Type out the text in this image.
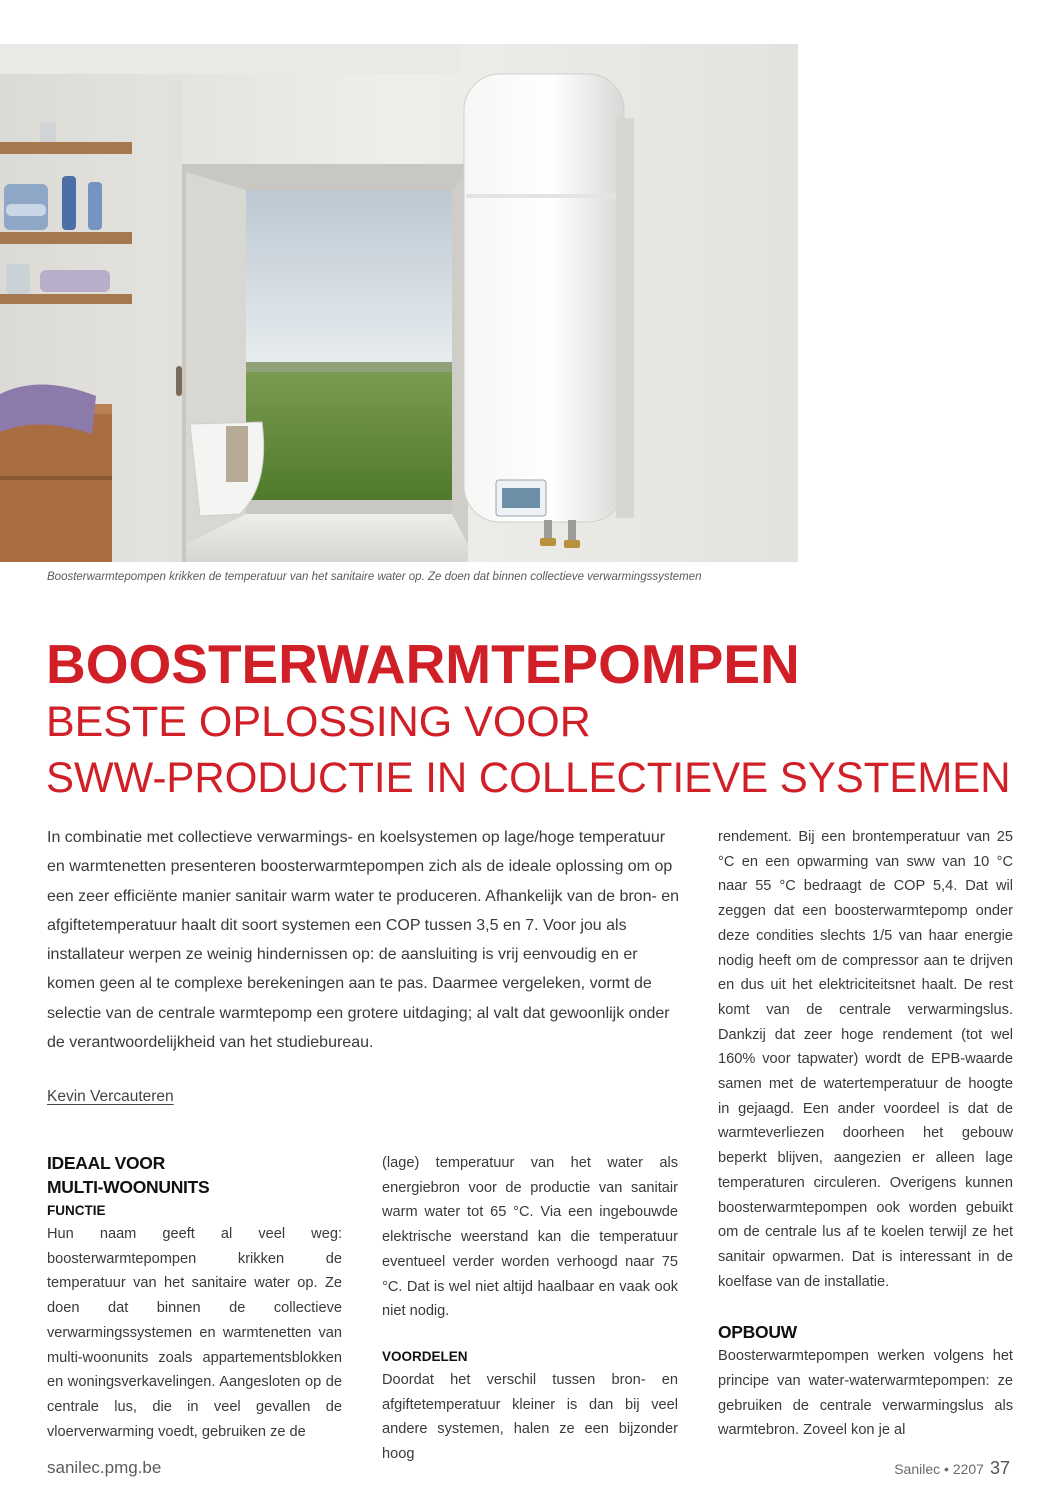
Boosterwarmtepompen krikken de temperatuur van het sanitaire water op. Ze doen dat binnen collectieve verwarmingssystemen
BOOSTERWARMTEPOMPEN
BESTE OPLOSSING VOOR
SWW-PRODUCTIE IN COLLECTIEVE SYSTEMEN

In combinatie met collectieve verwarmings- en koelsystemen op lage/hoge temperatuur en warmtenetten presenteren boosterwarmtepompen zich als de ideale oplossing om op een zeer efficiënte manier sanitair warm water te produceren. Afhankelijk van de bron- en afgiftetemperatuur haalt dit soort systemen een COP tussen 3,5 en 7. Voor jou als installateur werpen ze weinig hindernissen op: de aansluiting is vrij eenvoudig en er komen geen al te complexe berekeningen aan te pas. Daarmee vergeleken, vormt de selectie van de centrale warmtepomp een grotere uitdaging; al valt dat gewoonlijk onder de verantwoordelijkheid van het studiebureau.

Kevin Vercauteren

IDEAAL VOOR

MULTI-WOONUNITS

FUNCTIE

Hun naam geeft al veel weg: boosterwarmtepompen krikken de temperatuur van het sanitaire water op. Ze doen dat binnen de collectieve verwarmingssystemen en warmtenetten van multi-woonunits zoals appartementsblokken en woningsverkavelingen. Aangesloten op de centrale lus, die in veel gevallen de vloerverwarming voedt, gebruiken ze de

(lage) temperatuur van het water als energiebron voor de productie van sanitair warm water tot 65 °C. Via een ingebouwde elektrische weerstand kan die temperatuur eventueel verder worden verhoogd naar 75 °C. Dat is wel niet altijd haalbaar en vaak ook niet nodig.

VOORDELEN

Doordat het verschil tussen bron- en afgiftetemperatuur kleiner is dan bij veel andere systemen, halen ze een bijzonder hoog

rendement. Bij een brontemperatuur van 25 °C en een opwarming van sww van 10 °C naar 55 °C bedraagt de COP 5,4. Dat wil zeggen dat een boosterwarmtepomp onder deze condities slechts 1/5 van haar energie nodig heeft om de compressor aan te drijven en dus uit het elektriciteitsnet haalt. De rest komt van de centrale verwarmingslus. Dankzij dat zeer hoge rendement (tot wel 160% voor tapwater) wordt de EPB-waarde samen met de watertemperatuur de hoogte in gejaagd. Een ander voordeel is dat de warmteverliezen doorheen het gebouw beperkt blijven, aangezien er alleen lage temperaturen circuleren. Overigens kunnen boosterwarmtepompen ook worden gebuikt om de centrale lus af te koelen terwijl ze het sanitair opwarmen. Dat is interessant in de koelfase van de installatie.

OPBOUW

Boosterwarmtepompen werken volgens het principe van water-waterwarmtepompen: ze gebruiken de centrale verwarmingslus als warmtebron. Zoveel kon je al

sanilec.pmg.be	Sanilec • 2207 37
